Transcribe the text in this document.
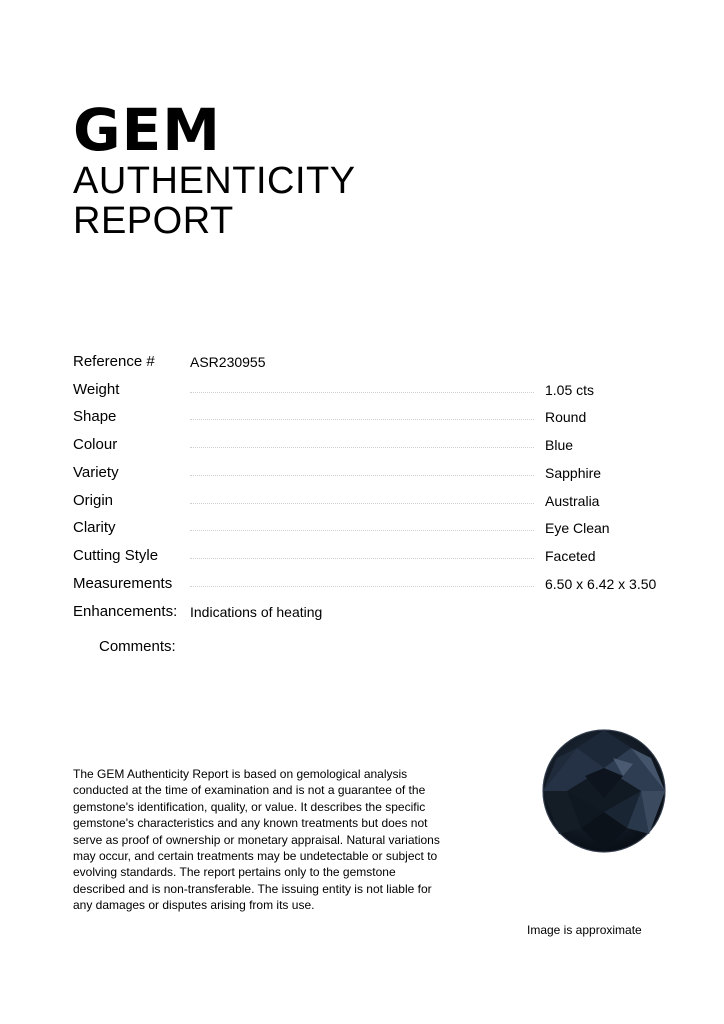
GEM
AUTHENTICITY
REPORT
Reference #	ASR230955
Weight	1.05 cts
Shape	Round
Colour	Blue
Variety	Sapphire
Origin	Australia
Clarity	Eye Clean
Cutting Style	Faceted
Measurements	6.50 x 6.42 x 3.50
Enhancements: Indications of heating
Comments:
The GEM Authenticity Report is based on gemological analysis conducted at the time of examination and is not a guarantee of the gemstone's identification, quality, or value. It describes the specific gemstone's characteristics and any known treatments but does not serve as proof of ownership or monetary appraisal. Natural variations may occur, and certain treatments may be undetectable or subject to evolving standards. The report pertains only to the gemstone described and is non-transferable. The issuing entity is not liable for any damages or disputes arising from its use.
Image is approximate
